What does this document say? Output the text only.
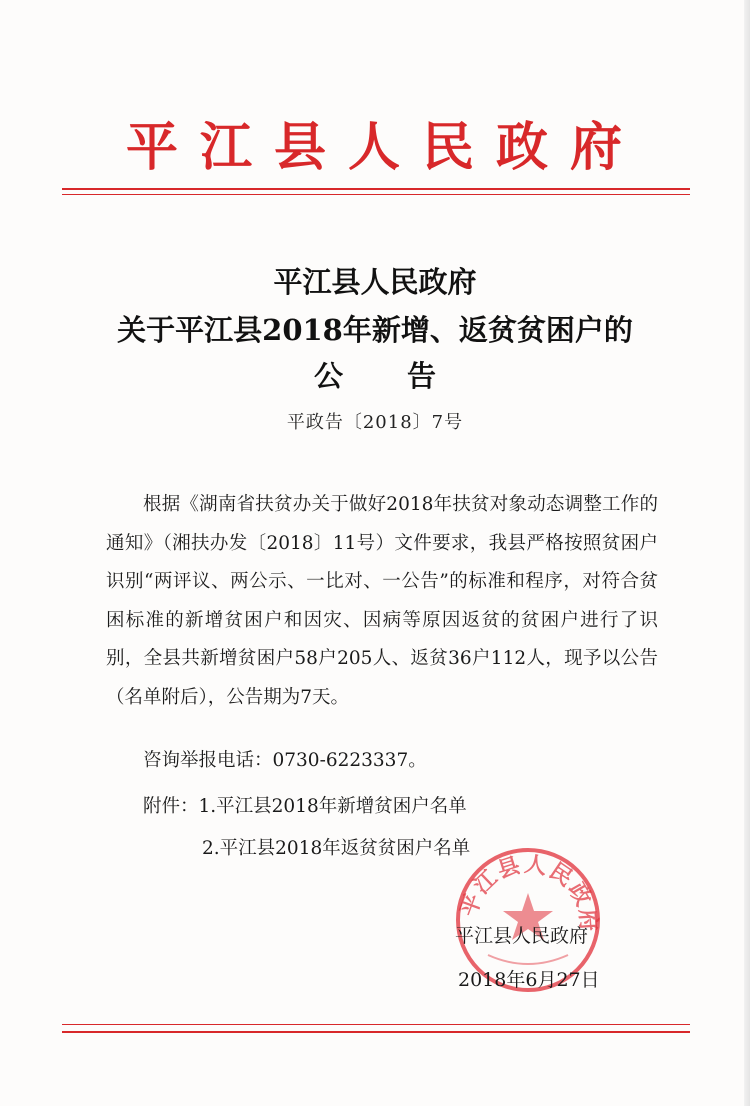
平江县人民政府
平江县人民政府
关于平江县2018年新增、返贫贫困户的
公告
平政告〔2018〕7号
根据《湖南省扶贫办关于做好2018年扶贫对象动态调整工作的通知》（湘扶办发〔2018〕11号）文件要求，我县严格按照贫困户识别“两评议、两公示、一比对、一公告”的标准和程序，对符合贫困标准的新增贫困户和因灾、因病等原因返贫的贫困户进行了识别，全县共新增贫困户58户205人、返贫36户112人，现予以公告（名单附后），公告期为7天。
咨询举报电话：0730-6223337。
附件：1.平江县2018年新增贫困户名单
2.平江县2018年返贫贫困户名单
平江县人民政府
平江县人民政府
2018年6月27日
